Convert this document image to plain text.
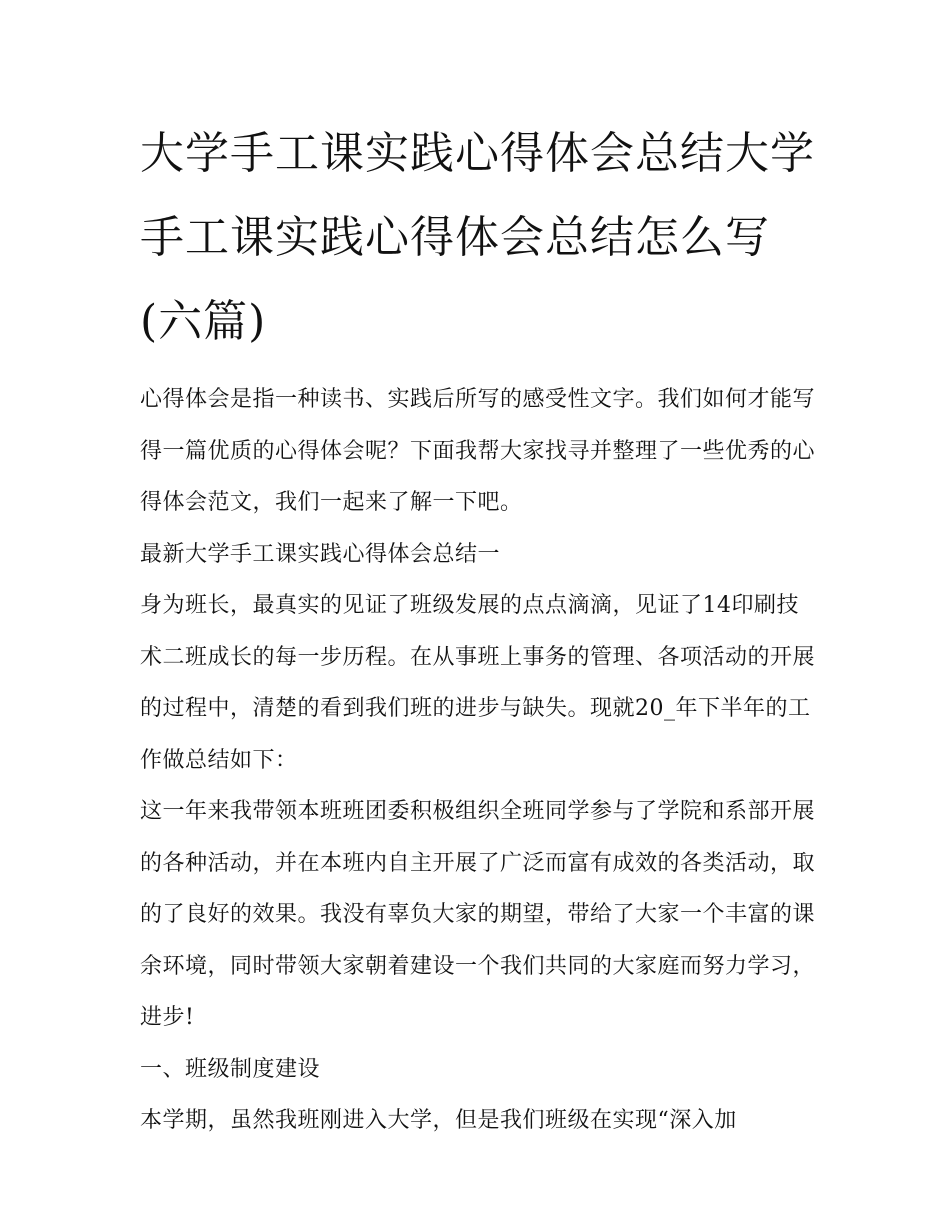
大学手工课实践心得体会总结大学手工课实践心得体会总结怎么写(六篇)

心得体会是指一种读书、实践后所写的感受性文字。我们如何才能写得一篇优质的心得体会呢？下面我帮大家找寻并整理了一些优秀的心得体会范文，我们一起来了解一下吧。

最新大学手工课实践心得体会总结一

身为班长，最真实的见证了班级发展的点点滴滴，见证了14印刷技术二班成长的每一步历程。在从事班上事务的管理、各项活动的开展的过程中，清楚的看到我们班的进步与缺失。现就20_年下半年的工作做总结如下：

这一年来我带领本班班团委积极组织全班同学参与了学院和系部开展的各种活动，并在本班内自主开展了广泛而富有成效的各类活动，取的了良好的效果。我没有辜负大家的期望，带给了大家一个丰富的课余环境，同时带领大家朝着建设一个我们共同的大家庭而努力学习，进步!

一、班级制度建设

本学期，虽然我班刚进入大学，但是我们班级在实现“深入加
